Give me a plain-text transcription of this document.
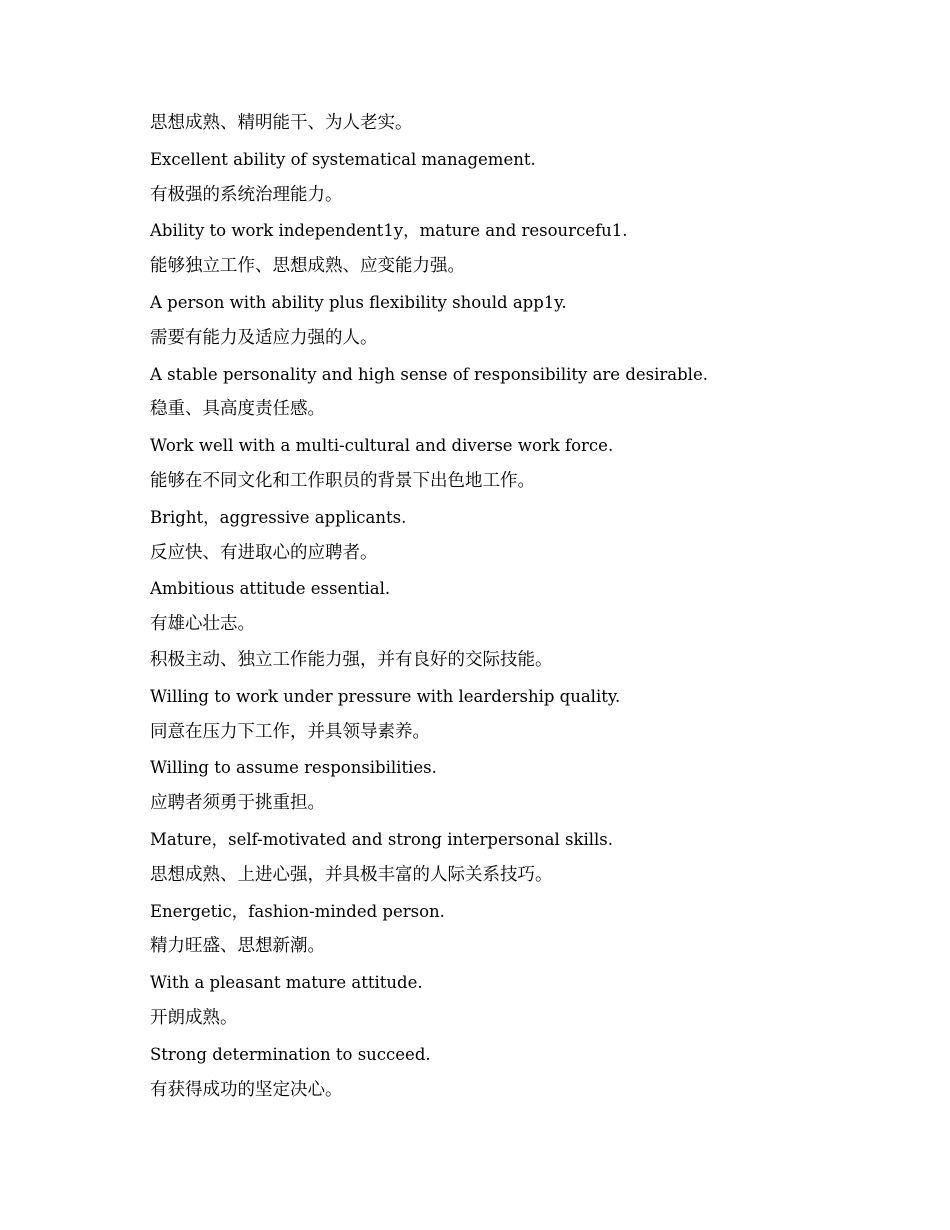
思想成熟、精明能干、为人老实。
Excellent ability of systematical management.
有极强的系统治理能力。
Ability to work independent1y，mature and resourcefu1.
能够独立工作、思想成熟、应变能力强。
A person with ability plus flexibility should app1y.
需要有能力及适应力强的人。
A stable personality and high sense of responsibility are desirable.
稳重、具高度责任感。
Work well with a multi-cultural and diverse work force.
能够在不同文化和工作职员的背景下出色地工作。
Bright，aggressive applicants.
反应快、有进取心的应聘者。
Ambitious attitude essential.
有雄心壮志。
积极主动、独立工作能力强，并有良好的交际技能。
Willing to work under pressure with leardership quality.
同意在压力下工作，并具领导素养。
Willing to assume responsibilities.
应聘者须勇于挑重担。
Mature，self-motivated and strong interpersonal skills.
思想成熟、上进心强，并具极丰富的人际关系技巧。
Energetic，fashion-minded person.
精力旺盛、思想新潮。
With a pleasant mature attitude.
开朗成熟。
Strong determination to succeed.
有获得成功的坚定决心。
